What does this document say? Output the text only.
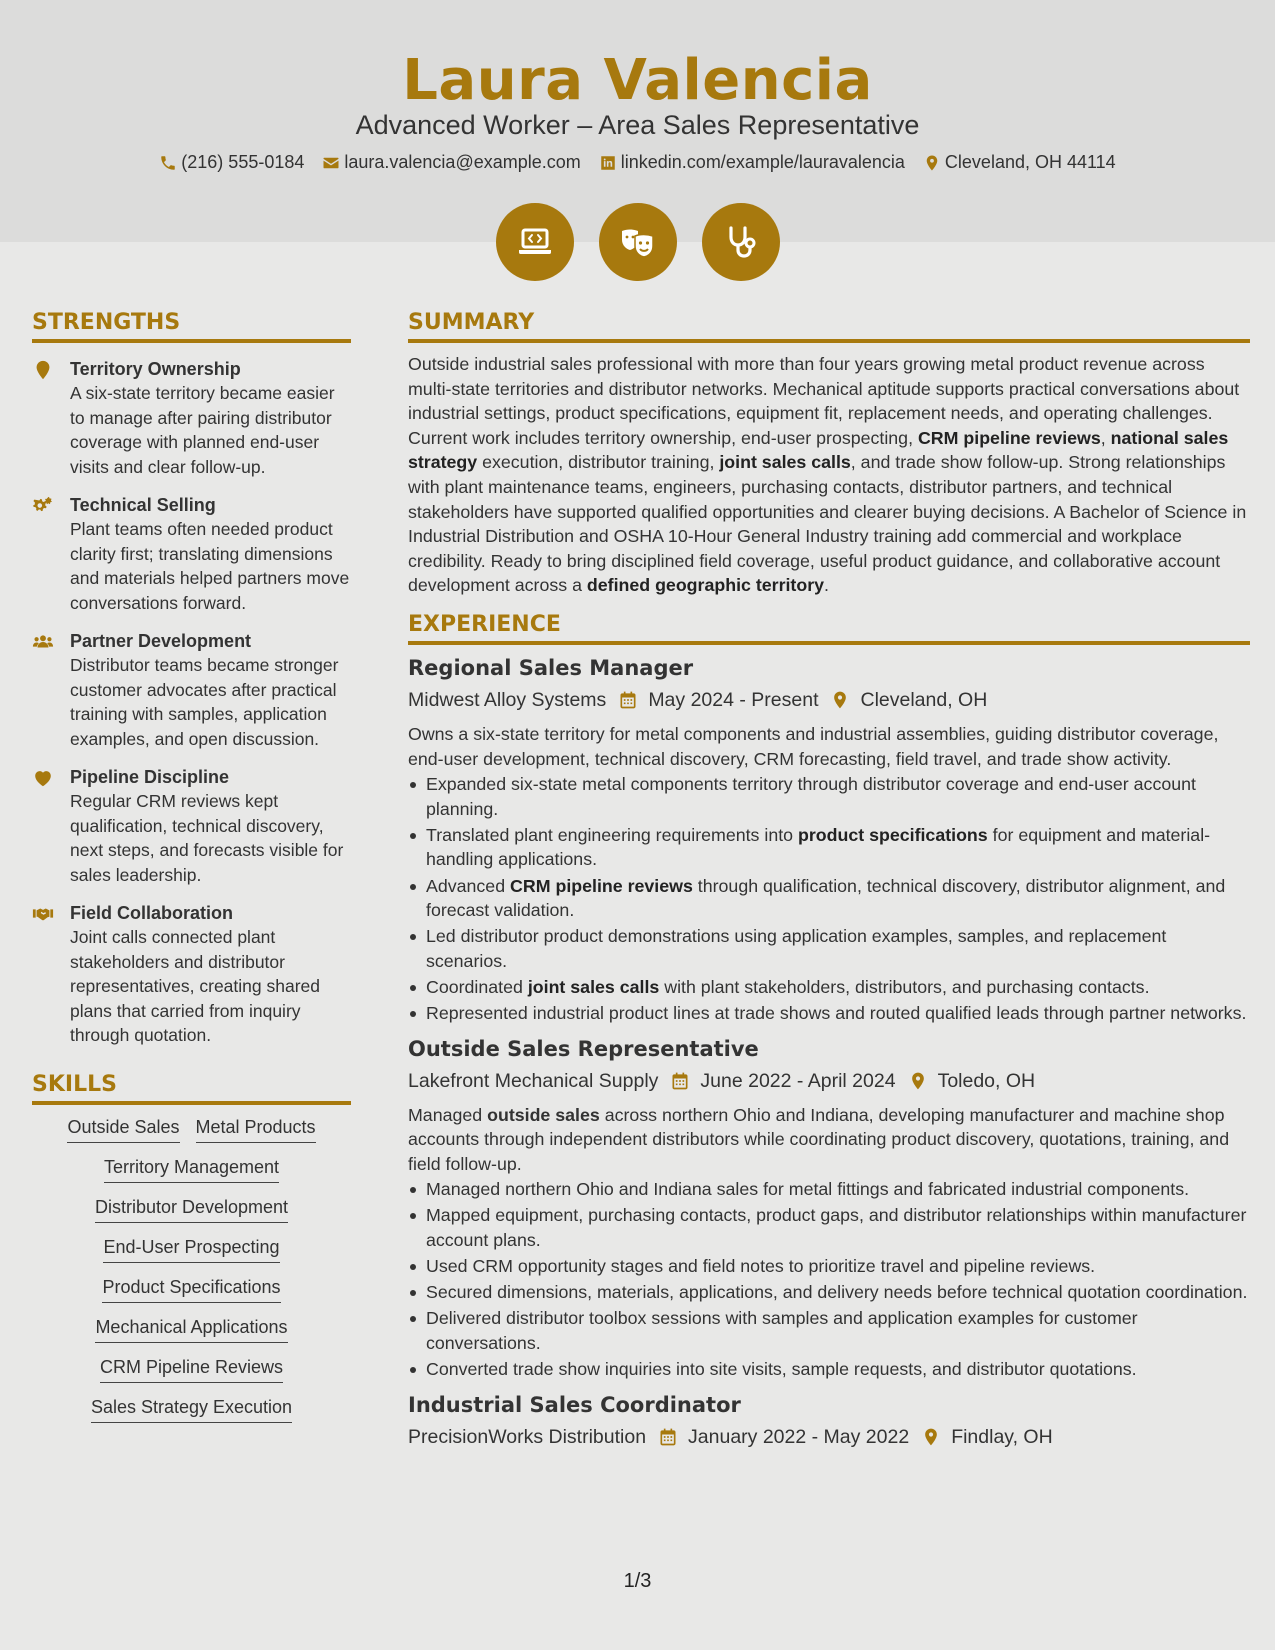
Laura Valencia
Advanced Worker – Area Sales Representative
(216) 555-0184 laura.valencia@example.com linkedin.com/example/lauravalencia Cleveland, OH 44114
STRENGTHS
Territory Ownership
A six-state territory became easier to manage after pairing distributor coverage with planned end-user visits and clear follow-up.
Technical Selling
Plant teams often needed product clarity first; translating dimensions and materials helped partners move conversations forward.
Partner Development
Distributor teams became stronger customer advocates after practical training with samples, application examples, and open discussion.
Pipeline Discipline
Regular CRM reviews kept qualification, technical discovery, next steps, and forecasts visible for sales leadership.
Field Collaboration
Joint calls connected plant stakeholders and distributor representatives, creating shared plans that carried from inquiry through quotation.
SKILLS
Outside Sales Metal Products
Territory Management
Distributor Development
End-User Prospecting
Product Specifications
Mechanical Applications
CRM Pipeline Reviews
Sales Strategy Execution
SUMMARY
Outside industrial sales professional with more than four years growing metal product revenue across multi-state territories and distributor networks. Mechanical aptitude supports practical conversations about industrial settings, product specifications, equipment fit, replacement needs, and operating challenges. Current work includes territory ownership, end-user prospecting, CRM pipeline reviews, national sales strategy execution, distributor training, joint sales calls, and trade show follow-up. Strong relationships with plant maintenance teams, engineers, purchasing contacts, distributor partners, and technical stakeholders have supported qualified opportunities and clearer buying decisions. A Bachelor of Science in Industrial Distribution and OSHA 10-Hour General Industry training add commercial and workplace credibility. Ready to bring disciplined field coverage, useful product guidance, and collaborative account development across a defined geographic territory.
EXPERIENCE
Regional Sales Manager
Midwest Alloy Systems May 2024 - Present Cleveland, OH
Owns a six-state territory for metal components and industrial assemblies, guiding distributor coverage, end-user development, technical discovery, CRM forecasting, field travel, and trade show activity.
Expanded six-state metal components territory through distributor coverage and end-user account planning.
Translated plant engineering requirements into product specifications for equipment and material-handling applications.
Advanced CRM pipeline reviews through qualification, technical discovery, distributor alignment, and forecast validation.
Led distributor product demonstrations using application examples, samples, and replacement scenarios.
Coordinated joint sales calls with plant stakeholders, distributors, and purchasing contacts.
Represented industrial product lines at trade shows and routed qualified leads through partner networks.
Outside Sales Representative
Lakefront Mechanical Supply June 2022 - April 2024 Toledo, OH
Managed outside sales across northern Ohio and Indiana, developing manufacturer and machine shop accounts through independent distributors while coordinating product discovery, quotations, training, and field follow-up.
Managed northern Ohio and Indiana sales for metal fittings and fabricated industrial components.
Mapped equipment, purchasing contacts, product gaps, and distributor relationships within manufacturer account plans.
Used CRM opportunity stages and field notes to prioritize travel and pipeline reviews.
Secured dimensions, materials, applications, and delivery needs before technical quotation coordination.
Delivered distributor toolbox sessions with samples and application examples for customer conversations.
Converted trade show inquiries into site visits, sample requests, and distributor quotations.
Industrial Sales Coordinator
PrecisionWorks Distribution January 2022 - May 2022 Findlay, OH
1/3
